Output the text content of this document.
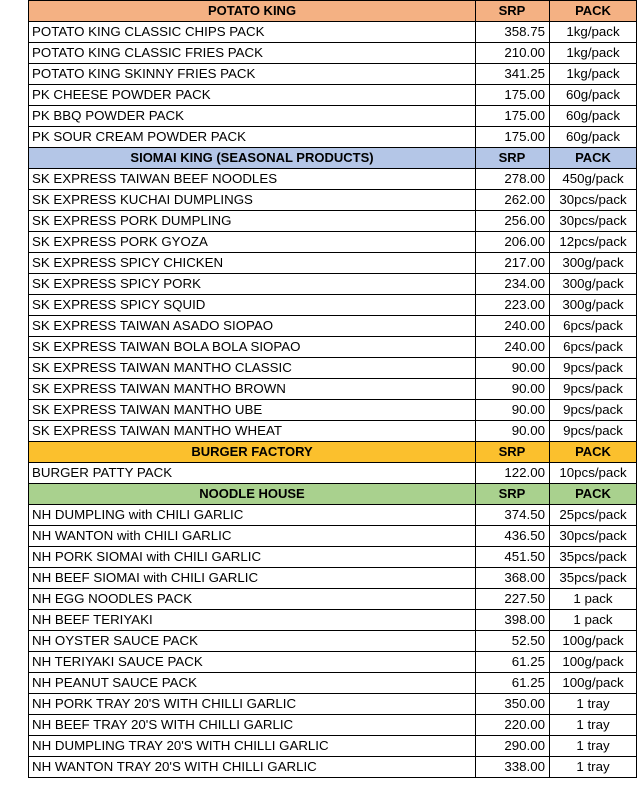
POTATO KING	SRP	PACK
POTATO KING CLASSIC CHIPS PACK	358.75	1kg/pack
POTATO KING CLASSIC FRIES PACK	210.00	1kg/pack
POTATO KING SKINNY FRIES PACK	341.25	1kg/pack
PK CHEESE POWDER PACK	175.00	60g/pack
PK BBQ POWDER PACK	175.00	60g/pack
PK SOUR CREAM POWDER PACK	175.00	60g/pack
SIOMAI KING (SEASONAL PRODUCTS)	SRP	PACK
SK EXPRESS TAIWAN BEEF NOODLES	278.00	450g/pack
SK EXPRESS KUCHAI DUMPLINGS	262.00	30pcs/pack
SK EXPRESS PORK DUMPLING	256.00	30pcs/pack
SK EXPRESS PORK GYOZA	206.00	12pcs/pack
SK EXPRESS SPICY CHICKEN	217.00	300g/pack
SK EXPRESS SPICY PORK	234.00	300g/pack
SK EXPRESS SPICY SQUID	223.00	300g/pack
SK EXPRESS TAIWAN ASADO SIOPAO	240.00	6pcs/pack
SK EXPRESS TAIWAN BOLA BOLA SIOPAO	240.00	6pcs/pack
SK EXPRESS TAIWAN MANTHO CLASSIC	90.00	9pcs/pack
SK EXPRESS TAIWAN MANTHO BROWN	90.00	9pcs/pack
SK EXPRESS TAIWAN MANTHO UBE	90.00	9pcs/pack
SK EXPRESS TAIWAN MANTHO WHEAT	90.00	9pcs/pack
BURGER FACTORY	SRP	PACK
BURGER PATTY PACK	122.00	10pcs/pack
NOODLE HOUSE	SRP	PACK
NH DUMPLING with CHILI GARLIC	374.50	25pcs/pack
NH WANTON with CHILI GARLIC	436.50	30pcs/pack
NH PORK SIOMAI with CHILI GARLIC	451.50	35pcs/pack
NH BEEF SIOMAI with CHILI GARLIC	368.00	35pcs/pack
NH EGG NOODLES PACK	227.50	1 pack
NH BEEF TERIYAKI	398.00	1 pack
NH OYSTER SAUCE PACK	52.50	100g/pack
NH TERIYAKI SAUCE PACK	61.25	100g/pack
NH PEANUT SAUCE PACK	61.25	100g/pack
NH PORK TRAY 20'S WITH CHILLI GARLIC	350.00	1 tray
NH BEEF TRAY 20'S WITH CHILLI GARLIC	220.00	1 tray
NH DUMPLING TRAY 20'S WITH CHILLI GARLIC	290.00	1 tray
NH WANTON TRAY 20'S WITH CHILLI GARLIC	338.00	1 tray
